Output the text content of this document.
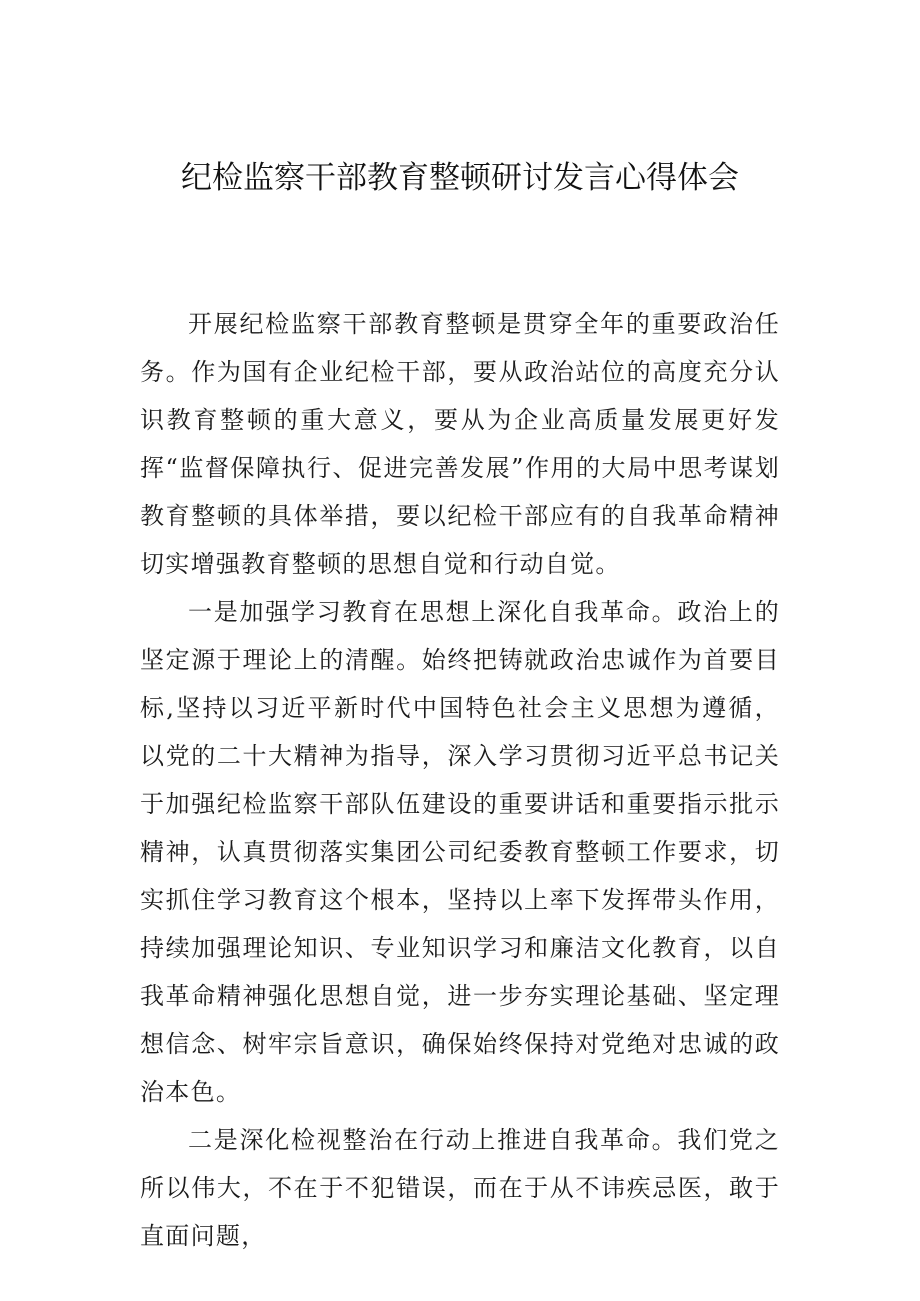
纪检监察干部教育整顿研讨发言心得体会

开展纪检监察干部教育整顿是贯穿全年的重要政治任务。作为国有企业纪检干部，要从政治站位的高度充分认识教育整顿的重大意义，要从为企业高质量发展更好发挥“监督保障执行、促进完善发展”作用的大局中思考谋划教育整顿的具体举措，要以纪检干部应有的自我革命精神切实增强教育整顿的思想自觉和行动自觉。

一是加强学习教育在思想上深化自我革命。政治上的坚定源于理论上的清醒。始终把铸就政治忠诚作为首要目标,坚持以习近平新时代中国特色社会主义思想为遵循，以党的二十大精神为指导，深入学习贯彻习近平总书记关于加强纪检监察干部队伍建设的重要讲话和重要指示批示精神，认真贯彻落实集团公司纪委教育整顿工作要求，切实抓住学习教育这个根本，坚持以上率下发挥带头作用，持续加强理论知识、专业知识学习和廉洁文化教育，以自我革命精神强化思想自觉，进一步夯实理论基础、坚定理想信念、树牢宗旨意识，确保始终保持对党绝对忠诚的政治本色。

二是深化检视整治在行动上推进自我革命。我们党之所以伟大，不在于不犯错误，而在于从不讳疾忌医，敢于直面问题，
